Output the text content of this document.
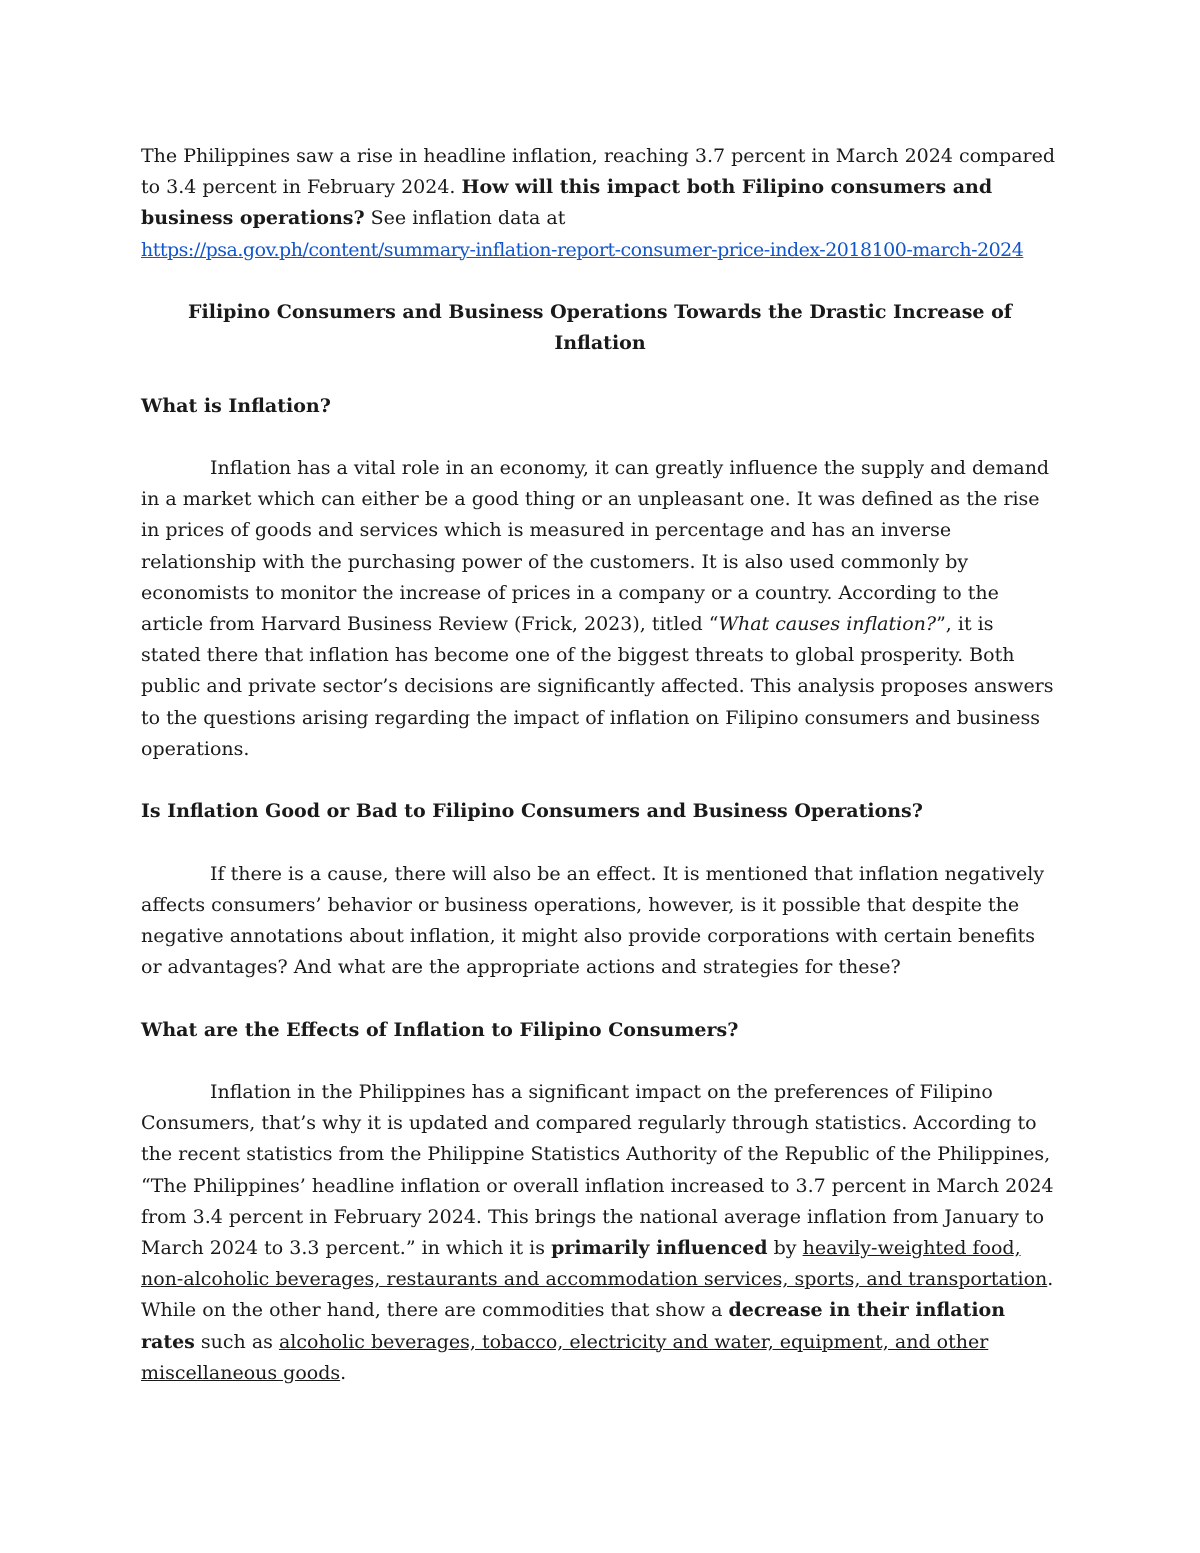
The Philippines saw a rise in headline inflation, reaching 3.7 percent in March 2024 compared to 3.4 percent in February 2024. How will this impact both Filipino consumers and business operations? See inflation data at
https://psa.gov.ph/content/summary-inflation-report-consumer-price-index-2018100-march-2024

Filipino Consumers and Business Operations Towards the Drastic Increase of Inflation

What is Inflation?

Inflation has a vital role in an economy, it can greatly influence the supply and demand in a market which can either be a good thing or an unpleasant one. It was defined as the rise in prices of goods and services which is measured in percentage and has an inverse relationship with the purchasing power of the customers. It is also used commonly by economists to monitor the increase of prices in a company or a country. According to the article from Harvard Business Review (Frick, 2023), titled “What causes inflation?”, it is stated there that inflation has become one of the biggest threats to global prosperity. Both public and private sector’s decisions are significantly affected. This analysis proposes answers to the questions arising regarding the impact of inflation on Filipino consumers and business operations.

Is Inflation Good or Bad to Filipino Consumers and Business Operations?

If there is a cause, there will also be an effect. It is mentioned that inflation negatively affects consumers’ behavior or business operations, however, is it possible that despite the negative annotations about inflation, it might also provide corporations with certain benefits or advantages? And what are the appropriate actions and strategies for these?

What are the Effects of Inflation to Filipino Consumers?

Inflation in the Philippines has a significant impact on the preferences of Filipino Consumers, that’s why it is updated and compared regularly through statistics. According to the recent statistics from the Philippine Statistics Authority of the Republic of the Philippines, “The Philippines’ headline inflation or overall inflation increased to 3.7 percent in March 2024 from 3.4 percent in February 2024. This brings the national average inflation from January to March 2024 to 3.3 percent.” in which it is primarily influenced by heavily-weighted food, non-alcoholic beverages, restaurants and accommodation services, sports, and transportation. While on the other hand, there are commodities that show a decrease in their inflation rates such as alcoholic beverages, tobacco, electricity and water, equipment, and other miscellaneous goods.
